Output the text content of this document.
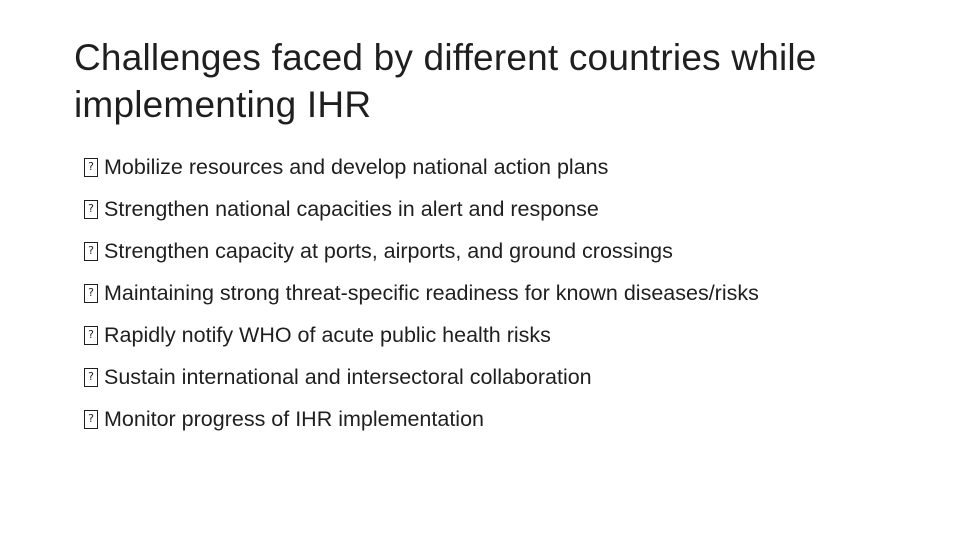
Challenges faced by different countries while implementing IHR
?
Mobilize resources and develop national action plans
?
Strengthen national capacities in alert and response
?
Strengthen capacity at ports, airports, and ground crossings
?
Maintaining strong threat-specific readiness for known diseases/risks
?
Rapidly notify WHO of acute public health risks
?
Sustain international and intersectoral collaboration
?
Monitor progress of IHR implementation
